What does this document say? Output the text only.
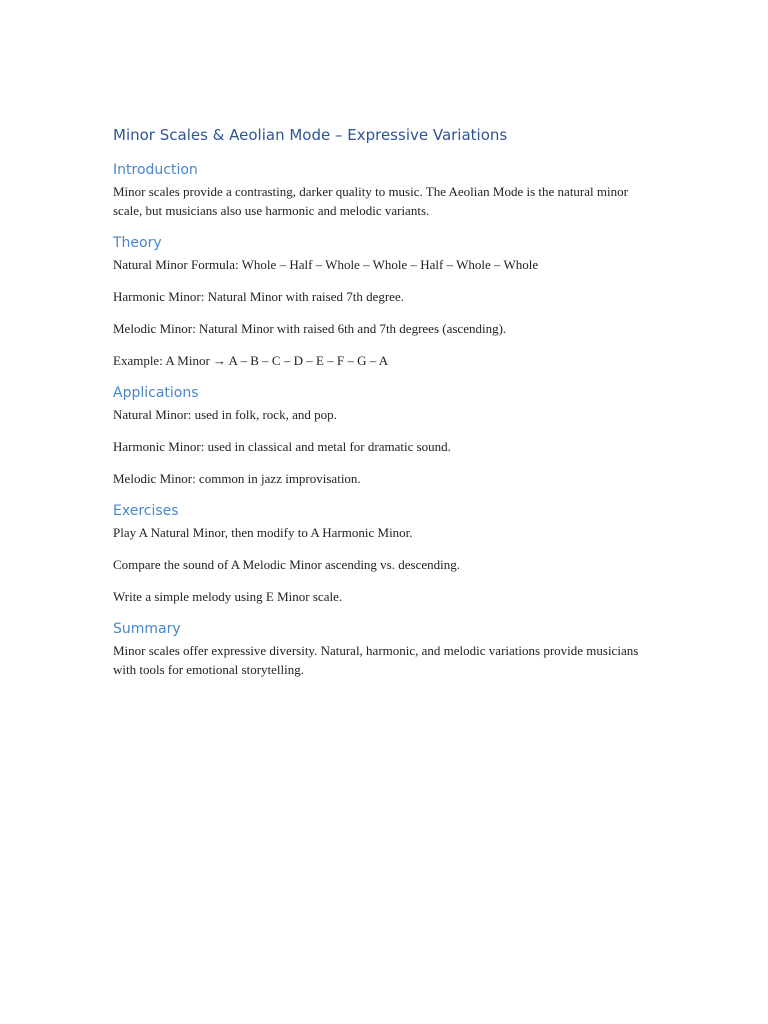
Minor Scales & Aeolian Mode – Expressive Variations
Introduction

Minor scales provide a contrasting, darker quality to music. The Aeolian Mode is the natural minor scale, but musicians also use harmonic and melodic variants.

Theory

Natural Minor Formula: Whole – Half – Whole – Whole – Half – Whole – Whole

Harmonic Minor: Natural Minor with raised 7th degree.

Melodic Minor: Natural Minor with raised 6th and 7th degrees (ascending).

Example: A Minor → A – B – C – D – E – F – G – A

Applications

Natural Minor: used in folk, rock, and pop.

Harmonic Minor: used in classical and metal for dramatic sound.

Melodic Minor: common in jazz improvisation.

Exercises

Play A Natural Minor, then modify to A Harmonic Minor.

Compare the sound of A Melodic Minor ascending vs. descending.

Write a simple melody using E Minor scale.

Summary

Minor scales offer expressive diversity. Natural, harmonic, and melodic variations provide musicians with tools for emotional storytelling.
